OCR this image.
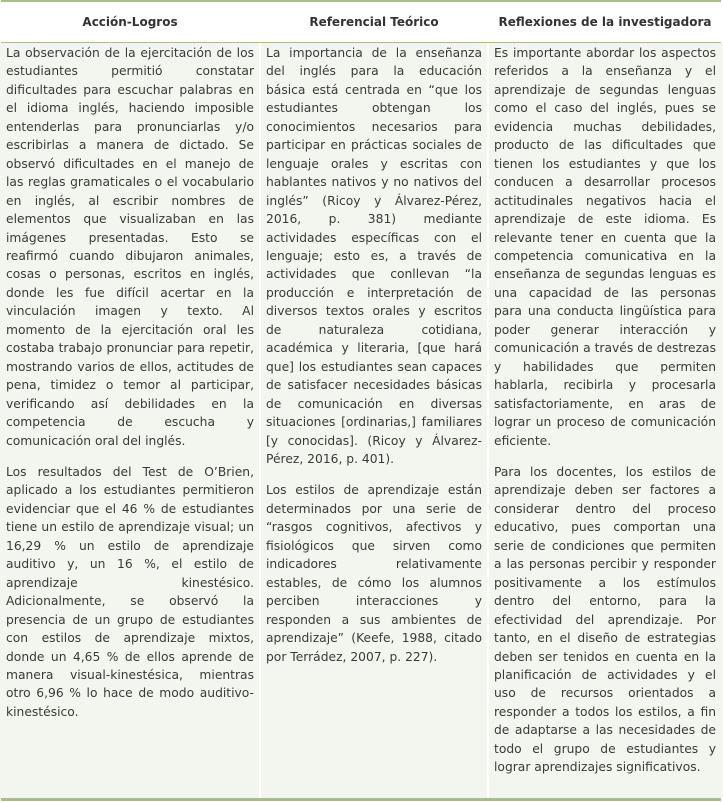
Acción-Logros	Referencial Teórico	Reflexiones de la investigadora

La observación de la ejercitación de los estudiantes permitió constatar dificultades para escuchar palabras en el idioma inglés, haciendo imposible entenderlas para pronunciarlas y/o escribirlas a manera de dictado. Se observó dificultades en el manejo de las reglas gramaticales o el vocabulario en inglés, al escribir nombres de elementos que visualizaban en las imágenes presentadas. Esto se reafirmó cuando dibujaron animales, cosas o personas, escritos en inglés, donde les fue difícil acertar en la vinculación imagen y texto. Al momento de la ejercitación oral les costaba trabajo pronunciar para repetir, mostrando varios de ellos, actitudes de pena, timidez o temor al participar, verificando así debilidades en la competencia de escucha y comunicación oral del inglés.

Los resultados del Test de O’Brien, aplicado a los estudiantes permitieron evidenciar que el 46 % de estudiantes tiene un estilo de aprendizaje visual; un 16,29 % un estilo de aprendizaje auditivo y, un 16 %, el estilo de aprendizaje kinestésico. Adicionalmente, se observó la presencia de un grupo de estudiantes con estilos de aprendizaje mixtos, donde un 4,65 % de ellos aprende de manera visual-kinestésica, mientras otro 6,96 % lo hace de modo auditivo-kinestésico.

La importancia de la enseñanza del inglés para la educación básica está centrada en “que los estudiantes obtengan los conocimientos necesarios para participar en prácticas sociales de lenguaje orales y escritas con hablantes nativos y no nativos del inglés” (Ricoy y Álvarez-Pérez, 2016, p. 381) mediante actividades específicas con el lenguaje; esto es, a través de actividades que conllevan “la producción e interpretación de diversos textos orales y escritos de naturaleza cotidiana, académica y literaria, [que hará que] los estudiantes sean capaces de satisfacer necesidades básicas de comunicación en diversas situaciones [ordinarias,] familiares [y conocidas]. (Ricoy y Álvarez-Pérez, 2016, p. 401).

Los estilos de aprendizaje están determinados por una serie de “rasgos cognitivos, afectivos y fisiológicos que sirven como indicadores relativamente estables, de cómo los alumnos perciben interacciones y responden a sus ambientes de aprendizaje” (Keefe, 1988, citado por Terrádez, 2007, p. 227).

Es importante abordar los aspectos referidos a la enseñanza y el aprendizaje de segundas lenguas como el caso del inglés, pues se evidencia muchas debilidades, producto de las dificultades que tienen los estudiantes y que los conducen a desarrollar procesos actitudinales negativos hacia el aprendizaje de este idioma. Es relevante tener en cuenta que la competencia comunicativa en la enseñanza de segundas lenguas es una capacidad de las personas para una conducta lingüística para poder generar interacción y comunicación a través de destrezas y habilidades que permiten hablarla, recibirla y procesarla satisfactoriamente, en aras de lograr un proceso de comunicación eficiente.

Para los docentes, los estilos de aprendizaje deben ser factores a considerar dentro del proceso educativo, pues comportan una serie de condiciones que permiten a las personas percibir y responder positivamente a los estímulos dentro del entorno, para la efectividad del aprendizaje. Por tanto, en el diseño de estrategias deben ser tenidos en cuenta en la planificación de actividades y el uso de recursos orientados a responder a todos los estilos, a fin de adaptarse a las necesidades de todo el grupo de estudiantes y lograr aprendizajes significativos.
